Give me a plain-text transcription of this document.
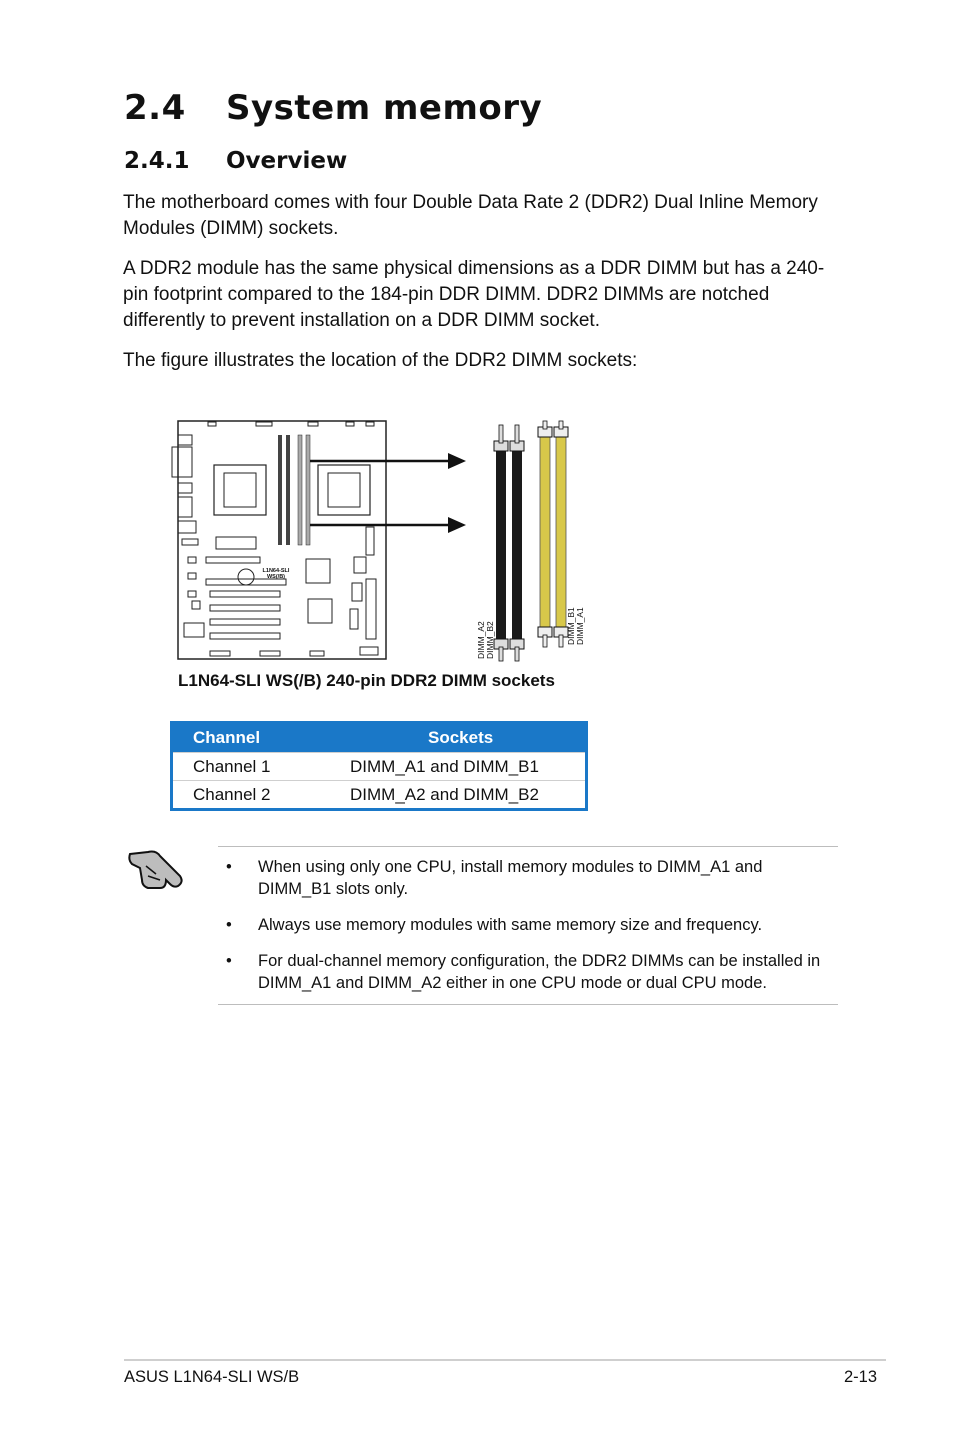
2.4 System memory
2.4.1 Overview

The motherboard comes with four Double Data Rate 2 (DDR2) Dual Inline Memory Modules (DIMM) sockets.

A DDR2 module has the same physical dimensions as a DDR DIMM but has a 240-pin footprint compared to the 184-pin DDR DIMM. DDR2 DIMMs are notched differently to prevent installation on a DDR DIMM socket.

The figure illustrates the location of the DDR2 DIMM sockets:

L1N64-SLI
WS(/B)
DIMM_A2 DIMM_B2	DIMM_B1 DIMM_A1
L1N64-SLI WS(/B) 240-pin DDR2 DIMM sockets
Channel	Sockets
Channel 1	DIMM_A1 and DIMM_B1
Channel 2	DIMM_A2 and DIMM_B2
• When using only one CPU, install memory modules to DIMM_A1 and DIMM_B1 slots only.
• Always use memory modules with same memory size and frequency.
• For dual-channel memory configuration, the DDR2 DIMMs can be installed in DIMM_A1 and DIMM_A2 either in one CPU mode or dual CPU mode.
ASUS L1N64-SLI WS/B	2-13
